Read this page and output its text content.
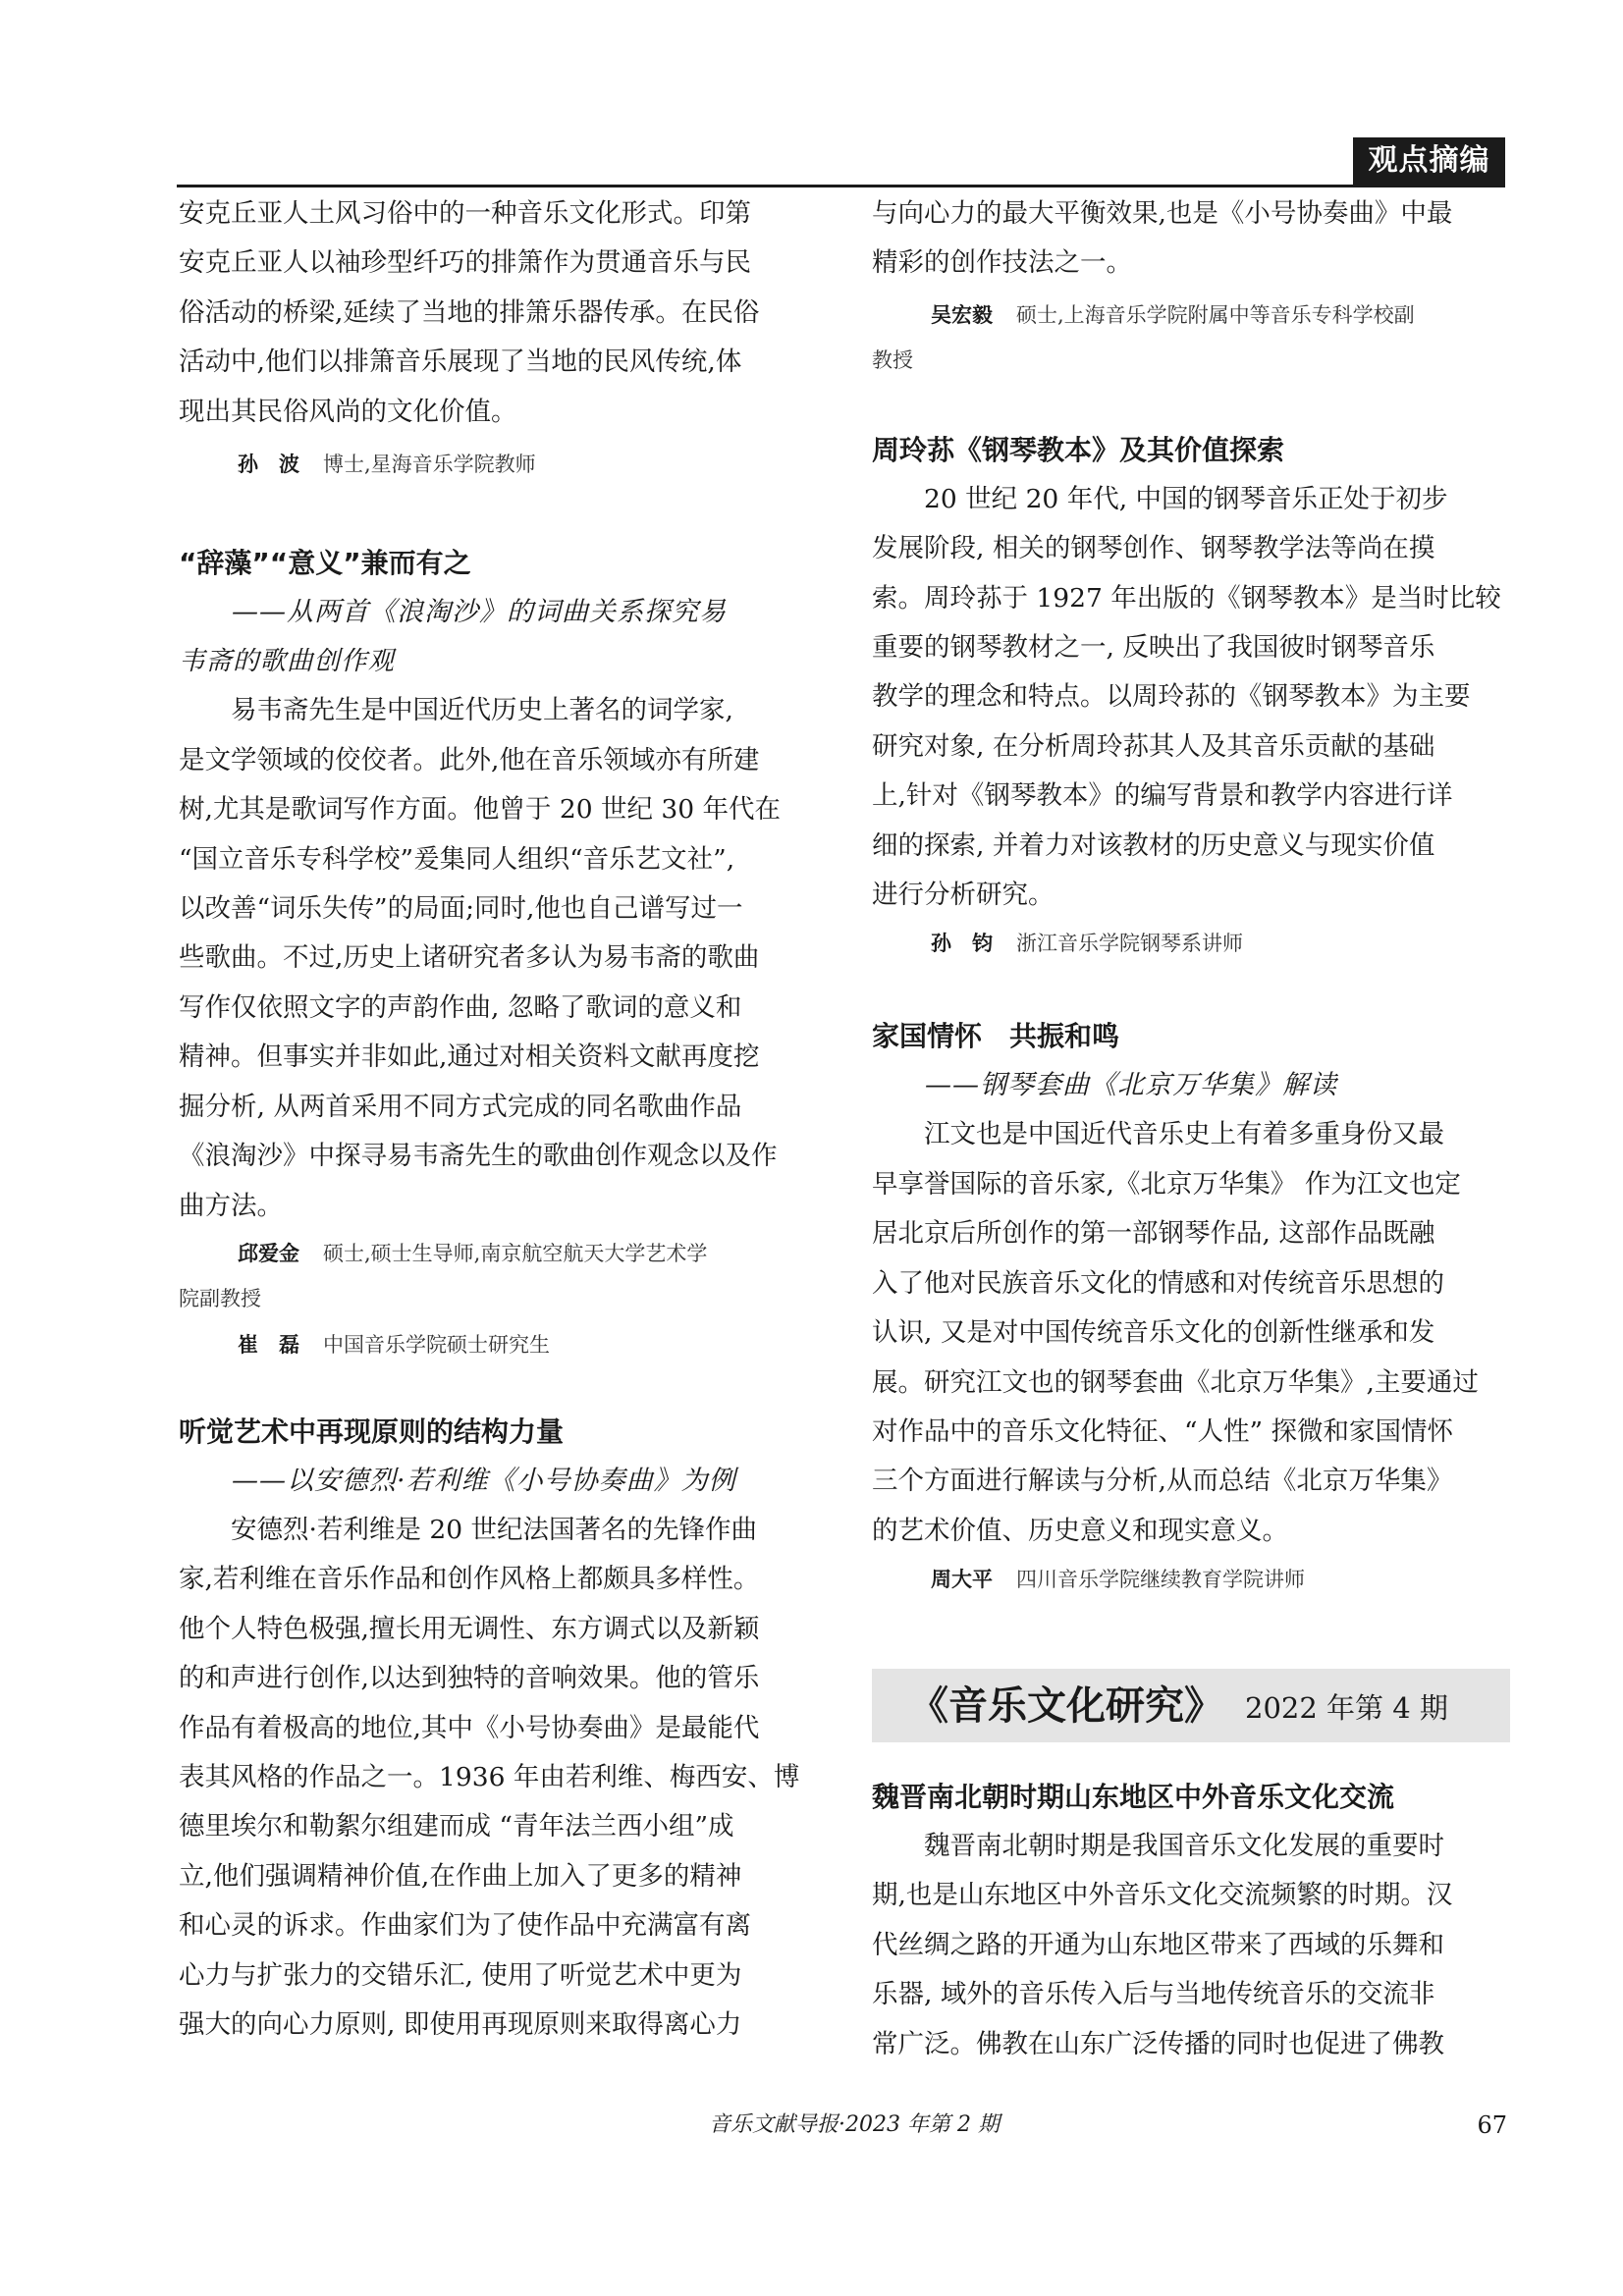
观点摘编

安克丘亚人土风习俗中的一种音乐文化形式。印第

安克丘亚人以袖珍型纤巧的排箫作为贯通音乐与民

俗活动的桥梁,延续了当地的排箫乐器传承。在民俗

活动中,他们以排箫音乐展现了当地的民风传统,体

现出其民俗风尚的文化价值。

孙　波 博士,星海音乐学院教师

“辞藻”“意义”兼而有之

——从两首《浪淘沙》的词曲关系探究易

韦斋的歌曲创作观

易韦斋先生是中国近代历史上著名的词学家,

是文学领域的佼佼者。此外,他在音乐领域亦有所建

树,尤其是歌词写作方面。他曾于 20 世纪 30 年代在

“国立音乐专科学校”爰集同人组织“音乐艺文社”,

以改善“词乐失传”的局面;同时,他也自己谱写过一

些歌曲。不过,历史上诸研究者多认为易韦斋的歌曲

写作仅依照文字的声韵作曲, 忽略了歌词的意义和

精神。但事实并非如此,通过对相关资料文献再度挖

掘分析, 从两首采用不同方式完成的同名歌曲作品

《浪淘沙》中探寻易韦斋先生的歌曲创作观念以及作

曲方法。

邱爱金 硕士,硕士生导师,南京航空航天大学艺术学

院副教授

崔　磊 中国音乐学院硕士研究生

听觉艺术中再现原则的结构力量

——以安德烈·若利维《小号协奏曲》为例

安德烈·若利维是 20 世纪法国著名的先锋作曲

家,若利维在音乐作品和创作风格上都颇具多样性。

他个人特色极强,擅长用无调性、东方调式以及新颖

的和声进行创作,以达到独特的音响效果。他的管乐

作品有着极高的地位,其中《小号协奏曲》是最能代

表其风格的作品之一。1936 年由若利维、梅西安、博

德里埃尔和勒絮尔组建而成 “青年法兰西小组”成

立,他们强调精神价值,在作曲上加入了更多的精神

和心灵的诉求。作曲家们为了使作品中充满富有离

心力与扩张力的交错乐汇, 使用了听觉艺术中更为

强大的向心力原则, 即使用再现原则来取得离心力

与向心力的最大平衡效果,也是《小号协奏曲》中最

精彩的创作技法之一。

吴宏毅 硕士,上海音乐学院附属中等音乐专科学校副

教授

周玲荪《钢琴教本》及其价值探索

20 世纪 20 年代, 中国的钢琴音乐正处于初步

发展阶段, 相关的钢琴创作、钢琴教学法等尚在摸

索。周玲荪于 1927 年出版的《钢琴教本》是当时比较

重要的钢琴教材之一, 反映出了我国彼时钢琴音乐

教学的理念和特点。以周玲荪的《钢琴教本》为主要

研究对象, 在分析周玲荪其人及其音乐贡献的基础

上,针对《钢琴教本》的编写背景和教学内容进行详

细的探索, 并着力对该教材的历史意义与现实价值

进行分析研究。

孙　钧 浙江音乐学院钢琴系讲师

家国情怀　共振和鸣

——钢琴套曲《北京万华集》解读

江文也是中国近代音乐史上有着多重身份又最

早享誉国际的音乐家,《北京万华集》 作为江文也定

居北京后所创作的第一部钢琴作品, 这部作品既融

入了他对民族音乐文化的情感和对传统音乐思想的

认识, 又是对中国传统音乐文化的创新性继承和发

展。研究江文也的钢琴套曲《北京万华集》,主要通过

对作品中的音乐文化特征、“人性” 探微和家国情怀

三个方面进行解读与分析,从而总结《北京万华集》

的艺术价值、历史意义和现实意义。

周大平 四川音乐学院继续教育学院讲师

《音乐文化研究》 2022 年第 4 期
魏晋南北朝时期山东地区中外音乐文化交流

魏晋南北朝时期是我国音乐文化发展的重要时

期,也是山东地区中外音乐文化交流频繁的时期。汉

代丝绸之路的开通为山东地区带来了西域的乐舞和

乐器, 域外的音乐传入后与当地传统音乐的交流非

常广泛。佛教在山东广泛传播的同时也促进了佛教

音乐文献导报·2023 年第 2 期	67
